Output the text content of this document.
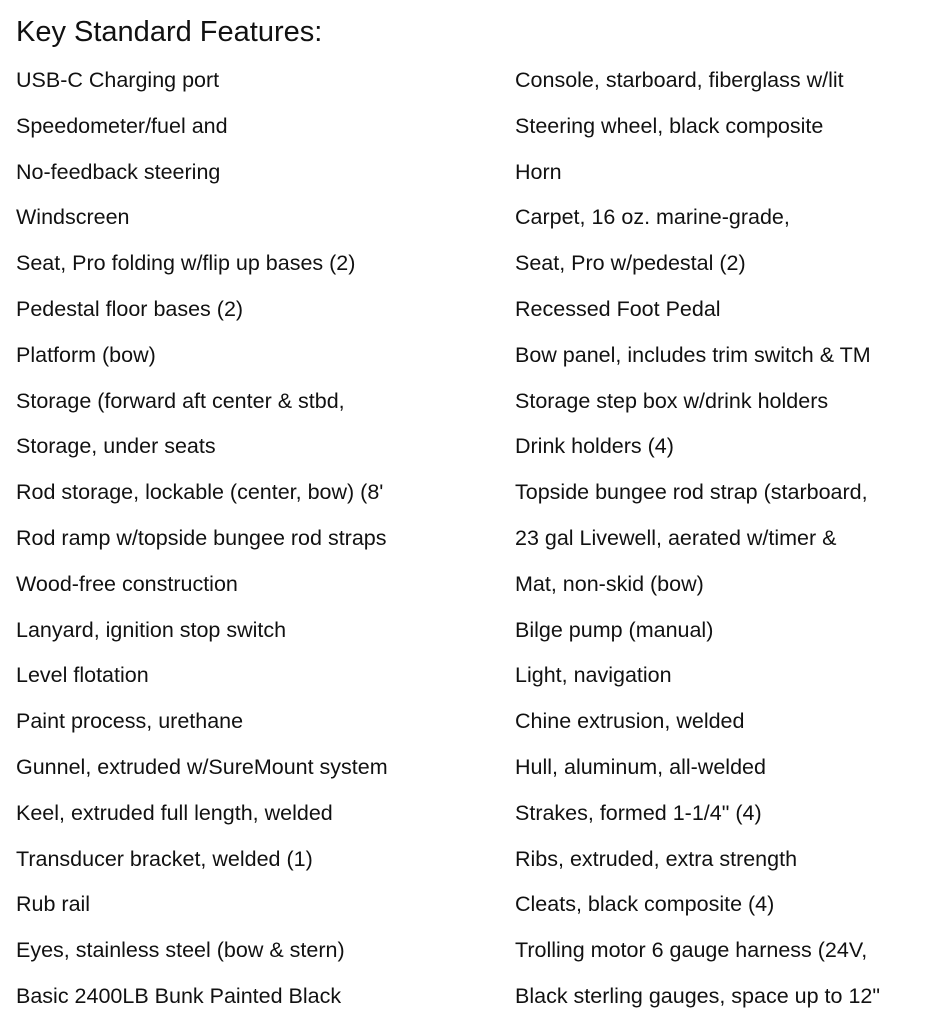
Key Standard Features:
USB-C Charging port
Speedometer/fuel and
No-feedback steering
Windscreen
Seat, Pro folding w/flip up bases (2)
Pedestal floor bases (2)
Platform (bow)
Storage (forward aft center & stbd,
Storage, under seats
Rod storage, lockable (center, bow) (8'
Rod ramp w/topside bungee rod straps
Wood-free construction
Lanyard, ignition stop switch
Level flotation
Paint process, urethane
Gunnel, extruded w/SureMount system
Keel, extruded full length, welded
Transducer bracket, welded (1)
Rub rail
Eyes, stainless steel (bow & stern)
Basic 2400LB Bunk Painted Black
Console, starboard, fiberglass w/lit
Steering wheel, black composite
Horn
Carpet, 16 oz. marine-grade,
Seat, Pro w/pedestal (2)
Recessed Foot Pedal
Bow panel, includes trim switch & TM
Storage step box w/drink holders
Drink holders (4)
Topside bungee rod strap (starboard,
23 gal Livewell, aerated w/timer &
Mat, non-skid (bow)
Bilge pump (manual)
Light, navigation
Chine extrusion, welded
Hull, aluminum, all-welded
Strakes, formed 1-1/4" (4)
Ribs, extruded, extra strength
Cleats, black composite (4)
Trolling motor 6 gauge harness (24V,
Black sterling gauges, space up to 12"
